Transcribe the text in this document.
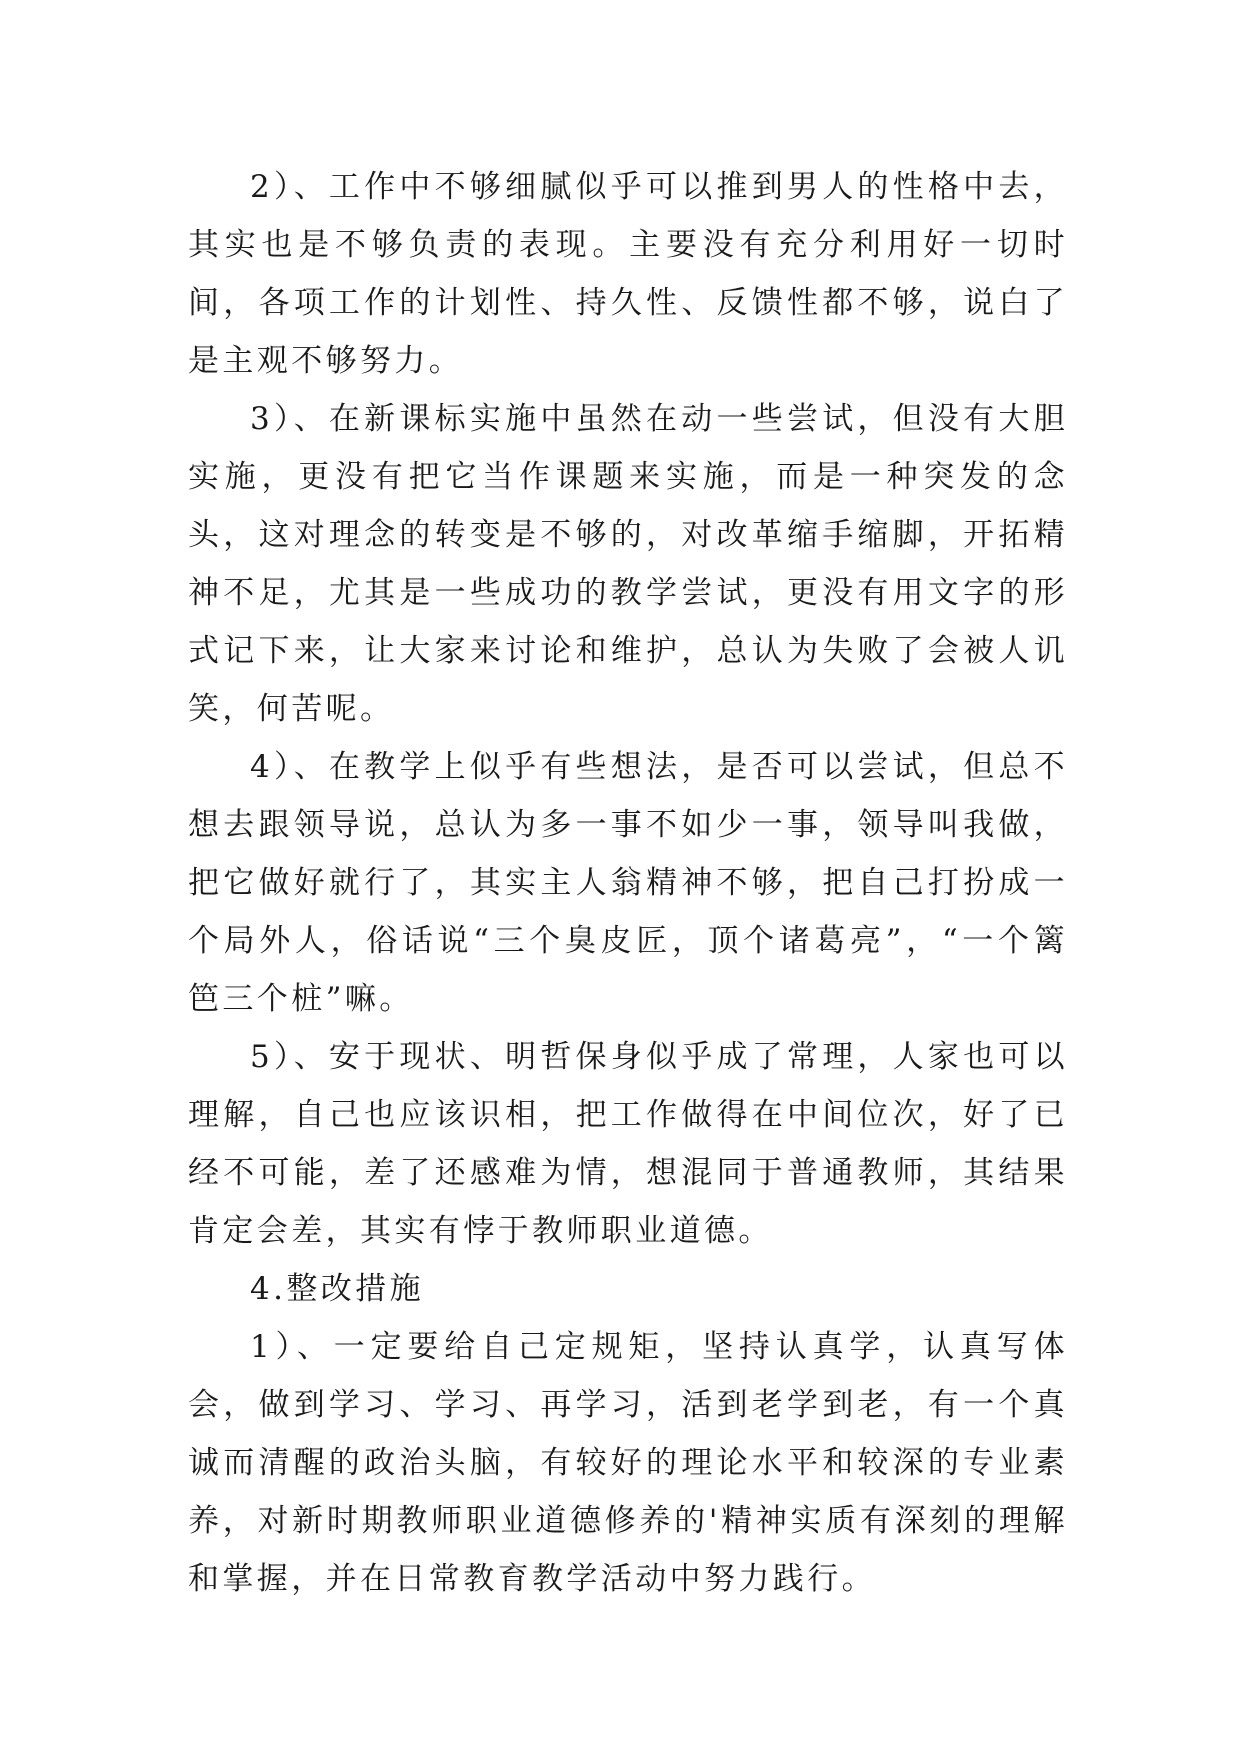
2）、工作中不够细腻似乎可以推到男人的性格中去，其实也是不够负责的表现。主要没有充分利用好一切时间，各项工作的计划性、持久性、反馈性都不够，说白了是主观不够努力。

3）、在新课标实施中虽然在动一些尝试，但没有大胆实施，更没有把它当作课题来实施，而是一种突发的念头，这对理念的转变是不够的，对改革缩手缩脚，开拓精神不足，尤其是一些成功的教学尝试，更没有用文字的形式记下来，让大家来讨论和维护，总认为失败了会被人讥笑，何苦呢。

4）、在教学上似乎有些想法，是否可以尝试，但总不想去跟领导说，总认为多一事不如少一事，领导叫我做，把它做好就行了，其实主人翁精神不够，把自己打扮成一个局外人，俗话说“三个臭皮匠，顶个诸葛亮”，“一个篱笆三个桩”嘛。

5）、安于现状、明哲保身似乎成了常理，人家也可以理解，自己也应该识相，把工作做得在中间位次，好了已经不可能，差了还感难为情，想混同于普通教师，其结果肯定会差，其实有悖于教师职业道德。

4.整改措施

1）、一定要给自己定规矩，坚持认真学，认真写体会，做到学习、学习、再学习，活到老学到老，有一个真诚而清醒的政治头脑，有较好的理论水平和较深的专业素养，对新时期教师职业道德修养的'精神实质有深刻的理解和掌握，并在日常教育教学活动中努力践行。
